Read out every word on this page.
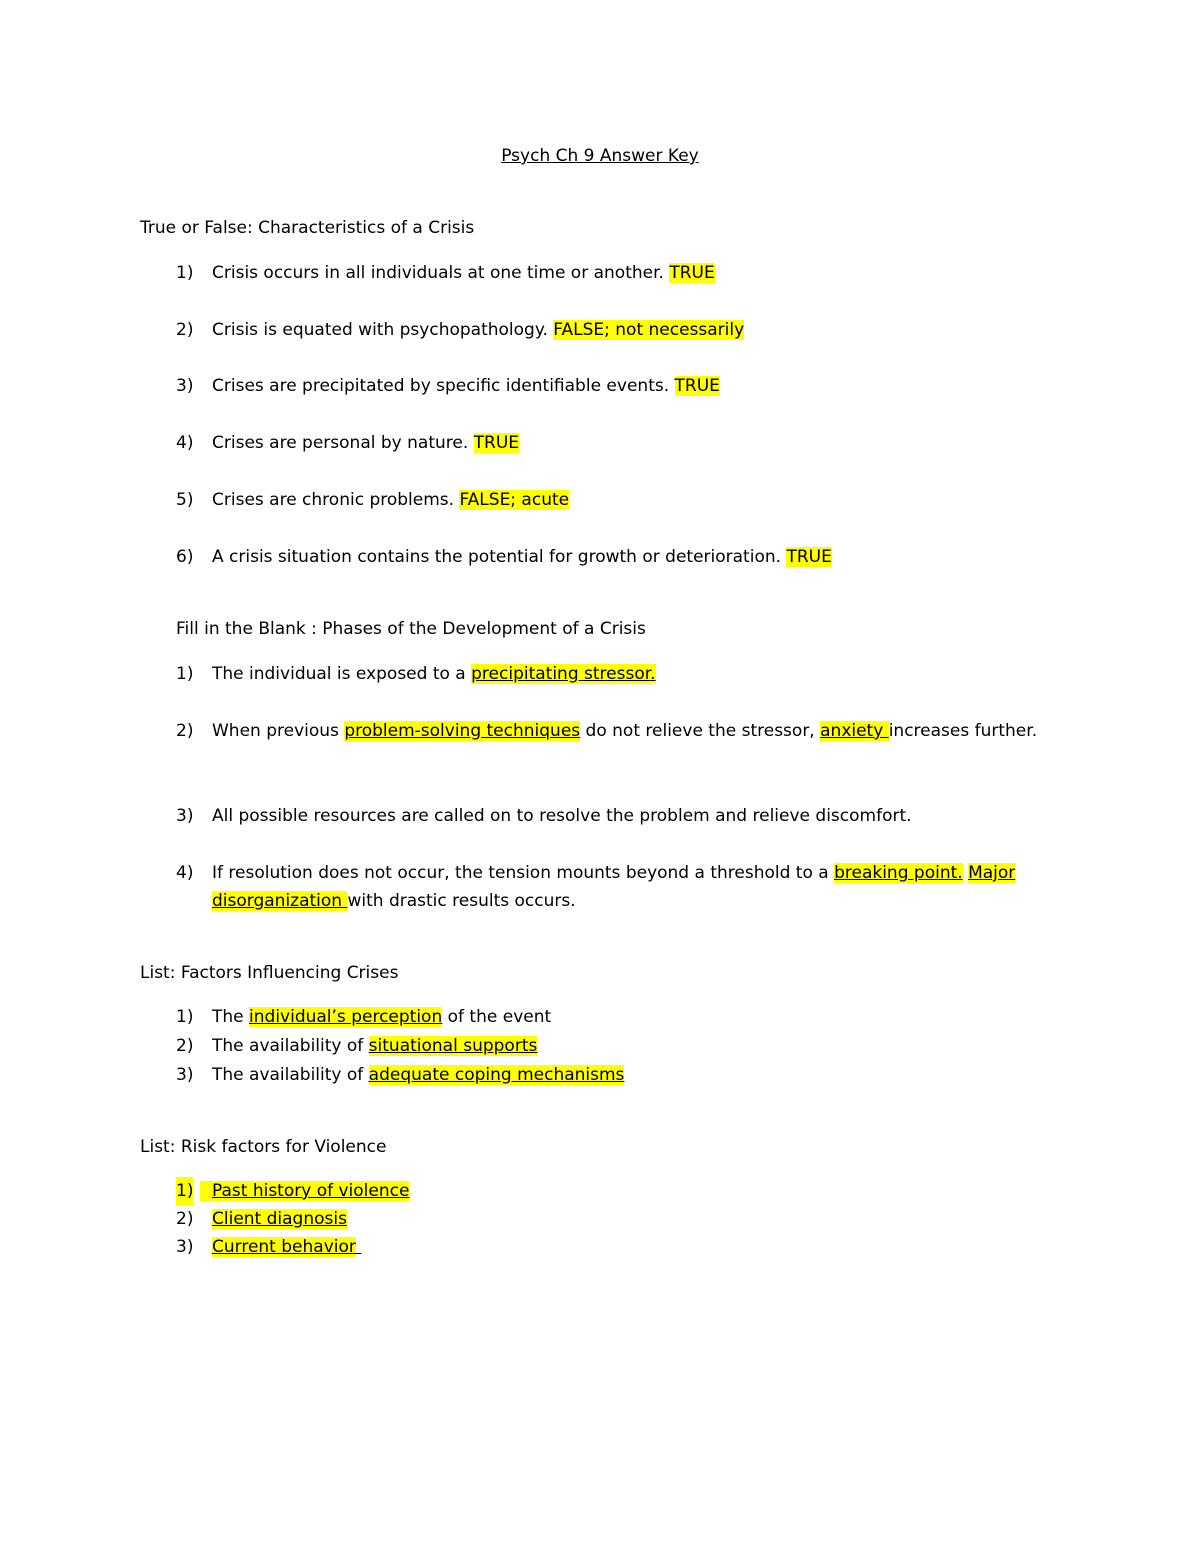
Psych Ch 9 Answer Key
True or False: Characteristics of a Crisis
1)	Crisis occurs in all individuals at one time or another. TRUE
2)	Crisis is equated with psychopathology. FALSE; not necessarily
3)	Crises are precipitated by specific identifiable events. TRUE
4)	Crises are personal by nature. TRUE
5)	Crises are chronic problems. FALSE; acute
6)	A crisis situation contains the potential for growth or deterioration. TRUE
Fill in the Blank : Phases of the Development of a Crisis
1)	The individual is exposed to a precipitating stressor.
2)	When previous problem-solving techniques do not relieve the stressor, anxiety increases further.
3)	All possible resources are called on to resolve the problem and relieve discomfort.
4)	If resolution does not occur, the tension mounts beyond a threshold to a breaking point. Major disorganization with drastic results occurs.
List: Factors Influencing Crises
1)	The individual’s perception of the event
2)	The availability of situational supports
3)	The availability of adequate coping mechanisms
List: Risk factors for Violence
1) Past history of violence
2)	Client diagnosis
3)	Current behavior
